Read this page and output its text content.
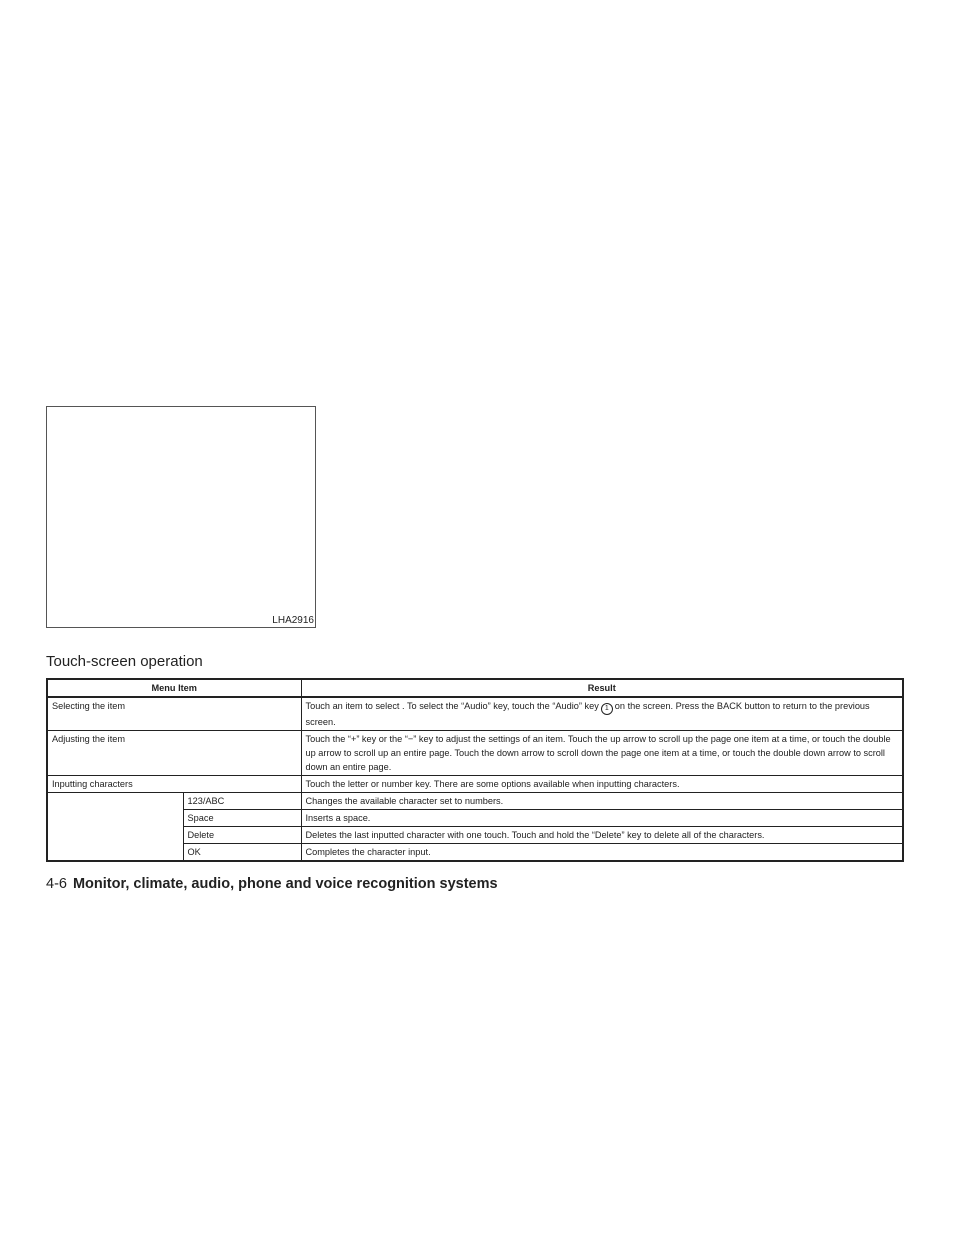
LHA2916
Touch-screen operation
Menu Item		Result
Selecting the item		Touch an item to select . To select the “Audio” key, touch the “Audio” key 1 on the screen. Press the BACK button to return to the previous screen.
Adjusting the item		Touch the “+” key or the “−” key to adjust the settings of an item. Touch the up arrow to scroll up the page one item at a time, or touch the double up arrow to scroll up an entire page. Touch the down arrow to scroll down the page one item at a time, or touch the double down arrow to scroll down an entire page.
Inputting characters		Touch the letter or number key. There are some options available when inputting characters.
	123/ABC	Changes the available character set to numbers.
	Space	Inserts a space.
	Delete	Deletes the last inputted character with one touch. Touch and hold the “Delete” key to delete all of the characters.
	OK	Completes the character input.
4-6 Monitor, climate, audio, phone and voice recognition systems
